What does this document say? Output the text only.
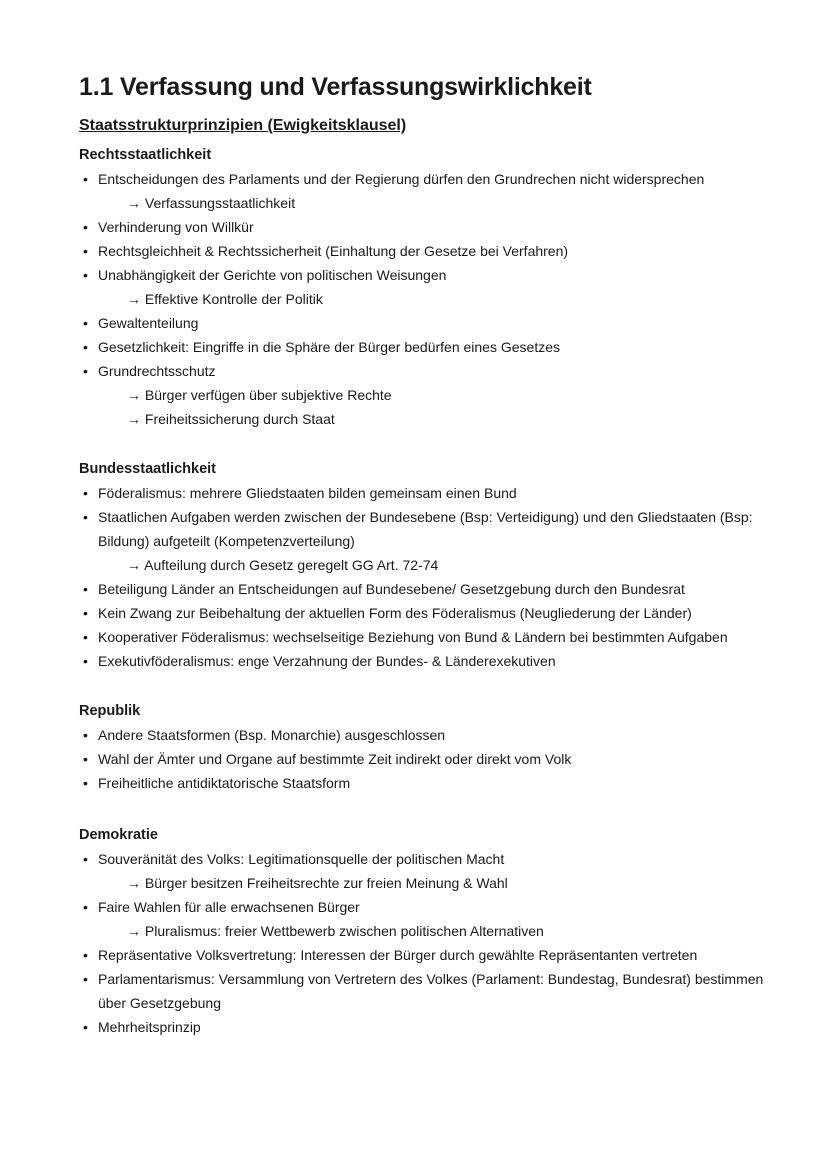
1.1 Verfassung und Verfassungswirklichkeit
Staatsstrukturprinzipien (Ewigkeitsklausel)
Rechtsstaatlichkeit
• Entscheidungen des Parlaments und der Regierung dürfen den Grundrechen nicht widersprechen
→ Verfassungsstaatlichkeit
• Verhinderung von Willkür
• Rechtsgleichheit & Rechtssicherheit (Einhaltung der Gesetze bei Verfahren)
• Unabhängigkeit der Gerichte von politischen Weisungen
→ Effektive Kontrolle der Politik
• Gewaltenteilung
• Gesetzlichkeit: Eingriffe in die Sphäre der Bürger bedürfen eines Gesetzes
• Grundrechtsschutz
→ Bürger verfügen über subjektive Rechte
→ Freiheitssicherung durch Staat
Bundesstaatlichkeit
• Föderalismus: mehrere Gliedstaaten bilden gemeinsam einen Bund
• Staatlichen Aufgaben werden zwischen der Bundesebene (Bsp: Verteidigung) und den Gliedstaaten (Bsp: Bildung) aufgeteilt (Kompetenzverteilung)
→ Aufteilung durch Gesetz geregelt GG Art. 72-74
• Beteiligung Länder an Entscheidungen auf Bundesebene/ Gesetzgebung durch den Bundesrat
• Kein Zwang zur Beibehaltung der aktuellen Form des Föderalismus (Neugliederung der Länder)
• Kooperativer Föderalismus: wechselseitige Beziehung von Bund & Ländern bei bestimmten Aufgaben
• Exekutivföderalismus: enge Verzahnung der Bundes- & Länderexekutiven
Republik
• Andere Staatsformen (Bsp. Monarchie) ausgeschlossen
• Wahl der Ämter und Organe auf bestimmte Zeit indirekt oder direkt vom Volk
• Freiheitliche antidiktatorische Staatsform
Demokratie
• Souveränität des Volks: Legitimationsquelle der politischen Macht
→ Bürger besitzen Freiheitsrechte zur freien Meinung & Wahl
• Faire Wahlen für alle erwachsenen Bürger
→ Pluralismus: freier Wettbewerb zwischen politischen Alternativen
• Repräsentative Volksvertretung: Interessen der Bürger durch gewählte Repräsentanten vertreten
• Parlamentarismus: Versammlung von Vertretern des Volkes (Parlament: Bundestag, Bundesrat) bestimmen über Gesetzgebung
• Mehrheitsprinzip
